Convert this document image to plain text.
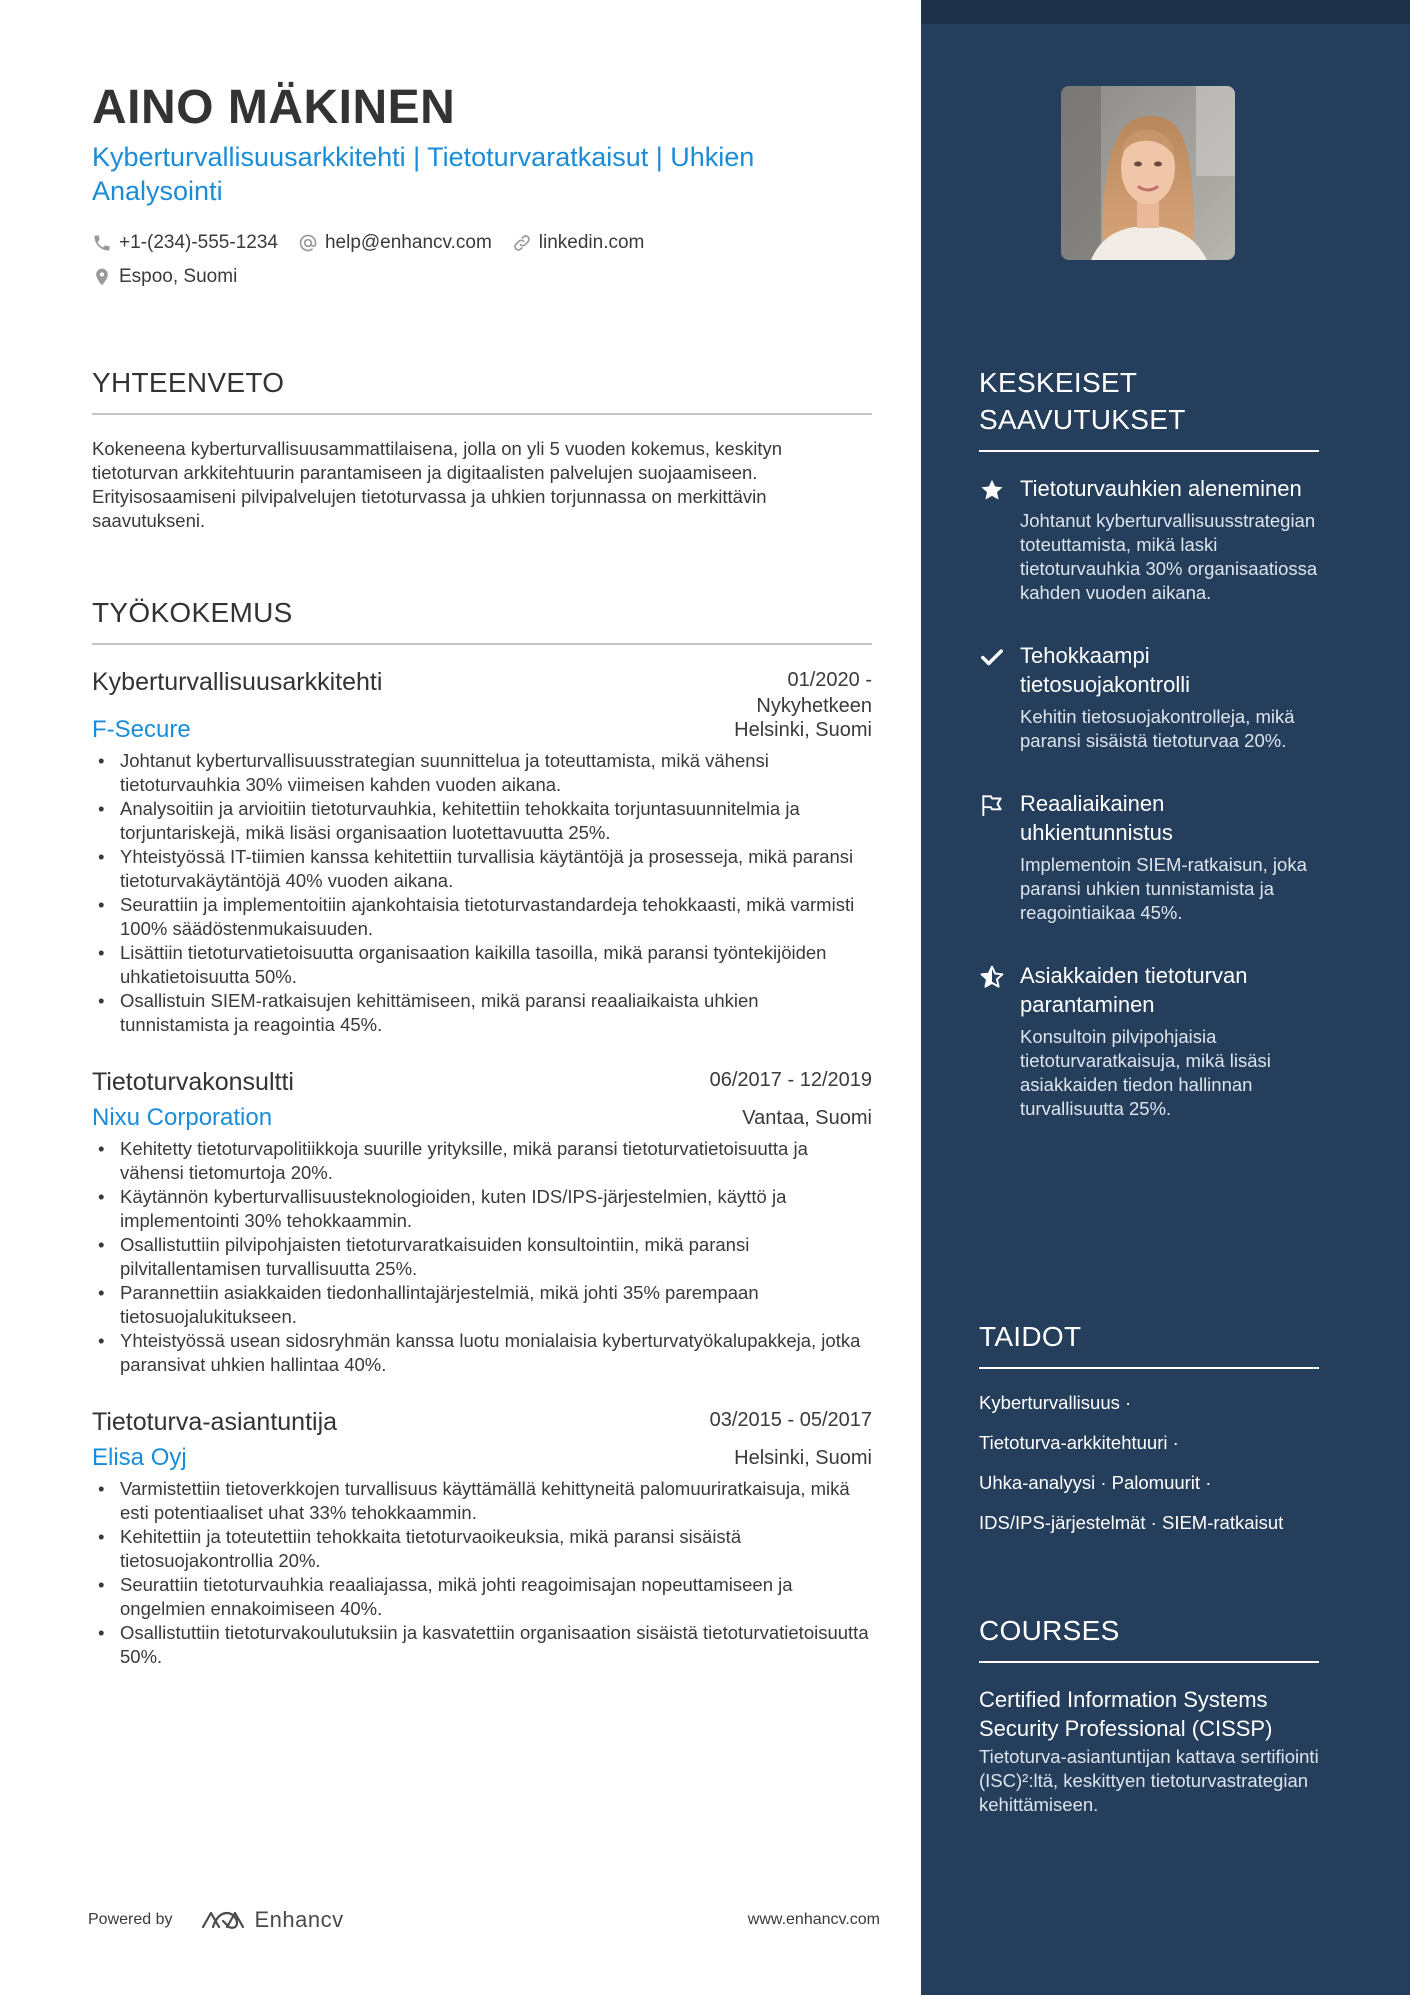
AINO MÄKINEN
Kyberturvallisuusarkkitehti | Tietoturvaratkaisut | Uhkien Analysointi
+1-(234)-555-1234 help@enhancv.com linkedin.com
Espoo, Suomi
YHTEENVETO

Kokeneena kyberturvallisuusammattilaisena, jolla on yli 5 vuoden kokemus, keskityn tietoturvan arkkitehtuurin parantamiseen ja digitaalisten palvelujen suojaamiseen. Erityisosaamiseni pilvipalvelujen tietoturvassa ja uhkien torjunnassa on merkittävin saavutukseni.

TYÖKOKEMUS
Kyberturvallisuusarkkitehti	01/2020 - Nykyhetkeen
F-Secure	Helsinki, Suomi
• Johtanut kyberturvallisuusstrategian suunnittelua ja toteuttamista, mikä vähensi tietoturvauhkia 30% viimeisen kahden vuoden aikana.
• Analysoitiin ja arvioitiin tietoturvauhkia, kehitettiin tehokkaita torjuntasuunnitelmia ja torjuntariskejä, mikä lisäsi organisaation luotettavuutta 25%.
• Yhteistyössä IT-tiimien kanssa kehitettiin turvallisia käytäntöjä ja prosesseja, mikä paransi tietoturvakäytäntöjä 40% vuoden aikana.
• Seurattiin ja implementoitiin ajankohtaisia tietoturvastandardeja tehokkaasti, mikä varmisti 100% säädöstenmukaisuuden.
• Lisättiin tietoturvatietoisuutta organisaation kaikilla tasoilla, mikä paransi työntekijöiden uhkatietoisuutta 50%.
• Osallistuin SIEM-ratkaisujen kehittämiseen, mikä paransi reaaliaikaista uhkien tunnistamista ja reagointia 45%.
Tietoturvakonsultti	06/2017 - 12/2019
Nixu Corporation	Vantaa, Suomi
• Kehitetty tietoturvapolitiikkoja suurille yrityksille, mikä paransi tietoturvatietoisuutta ja vähensi tietomurtoja 20%.
• Käytännön kyberturvallisuusteknologioiden, kuten IDS/IPS-järjestelmien, käyttö ja implementointi 30% tehokkaammin.
• Osallistuttiin pilvipohjaisten tietoturvaratkaisuiden konsultointiin, mikä paransi pilvitallentamisen turvallisuutta 25%.
• Parannettiin asiakkaiden tiedonhallintajärjestelmiä, mikä johti 35% parempaan tietosuojalukitukseen.
• Yhteistyössä usean sidosryhmän kanssa luotu monialaisia kyberturvatyökalupakkeja, jotka paransivat uhkien hallintaa 40%.
Tietoturva-asiantuntija	03/2015 - 05/2017
Elisa Oyj	Helsinki, Suomi
• Varmistettiin tietoverkkojen turvallisuus käyttämällä kehittyneitä palomuuriratkaisuja, mikä esti potentiaaliset uhat 33% tehokkaammin.
• Kehitettiin ja toteutettiin tehokkaita tietoturvaoikeuksia, mikä paransi sisäistä tietosuojakontrollia 20%.
• Seurattiin tietoturvauhkia reaaliajassa, mikä johti reagoimisajan nopeuttamiseen ja ongelmien ennakoimiseen 40%.
• Osallistuttiin tietoturvakoulutuksiin ja kasvatettiin organisaation sisäistä tietoturvatietoisuutta 50%.
Powered by	Enhancv	www.enhancv.com
KESKEISET SAAVUTUKSET
Tietoturvauhkien aleneminen
Johtanut kyberturvallisuusstrategian toteuttamista, mikä laski tietoturvauhkia 30% organisaatiossa kahden vuoden aikana.
Tehokkaampi tietosuojakontrolli
Kehitin tietosuojakontrolleja, mikä paransi sisäistä tietoturvaa 20%.
Reaaliaikainen uhkientunnistus
Implementoin SIEM-ratkaisun, joka paransi uhkien tunnistamista ja reagointiaikaa 45%.
Asiakkaiden tietoturvan parantaminen
Konsultoin pilvipohjaisia tietoturvaratkaisuja, mikä lisäsi asiakkaiden tiedon hallinnan turvallisuutta 25%.
TAIDOT
Kyberturvallisuus ·
Tietoturva-arkkitehtuuri ·
Uhka-analyysi · Palomuurit ·
IDS/IPS-järjestelmät · SIEM-ratkaisut
COURSES
Certified Information Systems Security Professional (CISSP)
Tietoturva-asiantuntijan kattava sertifiointi (ISC)²:ltä, keskittyen tietoturvastrategian kehittämiseen.
